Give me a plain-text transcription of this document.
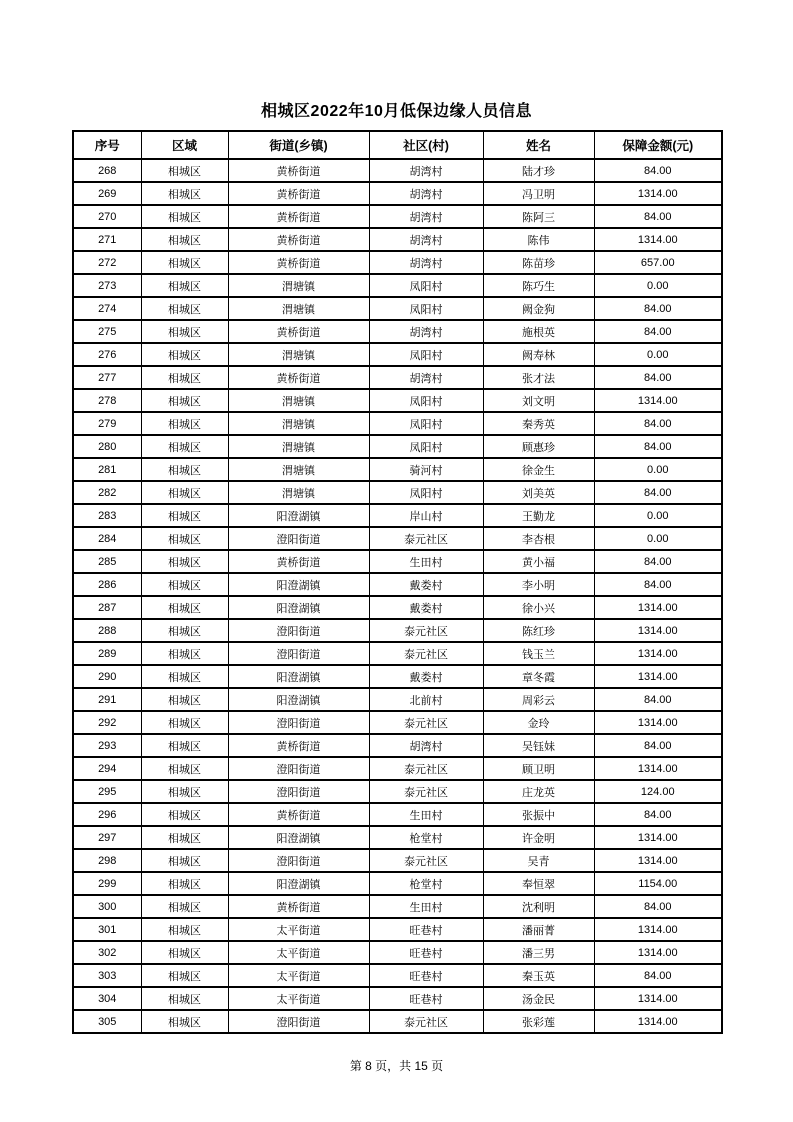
相城区2022年10月低保边缘人员信息
序号	区域	街道(乡镇)	社区(村)	姓名	保障金额(元)
268	相城区	黄桥街道	胡湾村	陆才珍	84.00
269	相城区	黄桥街道	胡湾村	冯卫明	1314.00
270	相城区	黄桥街道	胡湾村	陈阿三	84.00
271	相城区	黄桥街道	胡湾村	陈伟	1314.00
272	相城区	黄桥街道	胡湾村	陈苗珍	657.00
273	相城区	渭塘镇	凤阳村	陈巧生	0.00
274	相城区	渭塘镇	凤阳村	阙金狗	84.00
275	相城区	黄桥街道	胡湾村	施根英	84.00
276	相城区	渭塘镇	凤阳村	阙寿林	0.00
277	相城区	黄桥街道	胡湾村	张才法	84.00
278	相城区	渭塘镇	凤阳村	刘文明	1314.00
279	相城区	渭塘镇	凤阳村	秦秀英	84.00
280	相城区	渭塘镇	凤阳村	顾惠珍	84.00
281	相城区	渭塘镇	骑河村	徐金生	0.00
282	相城区	渭塘镇	凤阳村	刘美英	84.00
283	相城区	阳澄湖镇	岸山村	王勤龙	0.00
284	相城区	澄阳街道	泰元社区	李杏根	0.00
285	相城区	黄桥街道	生田村	黄小福	84.00
286	相城区	阳澄湖镇	戴娄村	李小明	84.00
287	相城区	阳澄湖镇	戴娄村	徐小兴	1314.00
288	相城区	澄阳街道	泰元社区	陈红珍	1314.00
289	相城区	澄阳街道	泰元社区	钱玉兰	1314.00
290	相城区	阳澄湖镇	戴娄村	章冬霞	1314.00
291	相城区	阳澄湖镇	北前村	周彩云	84.00
292	相城区	澄阳街道	泰元社区	金玲	1314.00
293	相城区	黄桥街道	胡湾村	吴钰妹	84.00
294	相城区	澄阳街道	泰元社区	顾卫明	1314.00
295	相城区	澄阳街道	泰元社区	庄龙英	124.00
296	相城区	黄桥街道	生田村	张振中	84.00
297	相城区	阳澄湖镇	枪堂村	许金明	1314.00
298	相城区	澄阳街道	泰元社区	吴青	1314.00
299	相城区	阳澄湖镇	枪堂村	奉恒翠	1154.00
300	相城区	黄桥街道	生田村	沈利明	84.00
301	相城区	太平街道	旺巷村	潘丽菁	1314.00
302	相城区	太平街道	旺巷村	潘三男	1314.00
303	相城区	太平街道	旺巷村	秦玉英	84.00
304	相城区	太平街道	旺巷村	汤金民	1314.00
305	相城区	澄阳街道	泰元社区	张彩莲	1314.00
第 8 页，共 15 页
